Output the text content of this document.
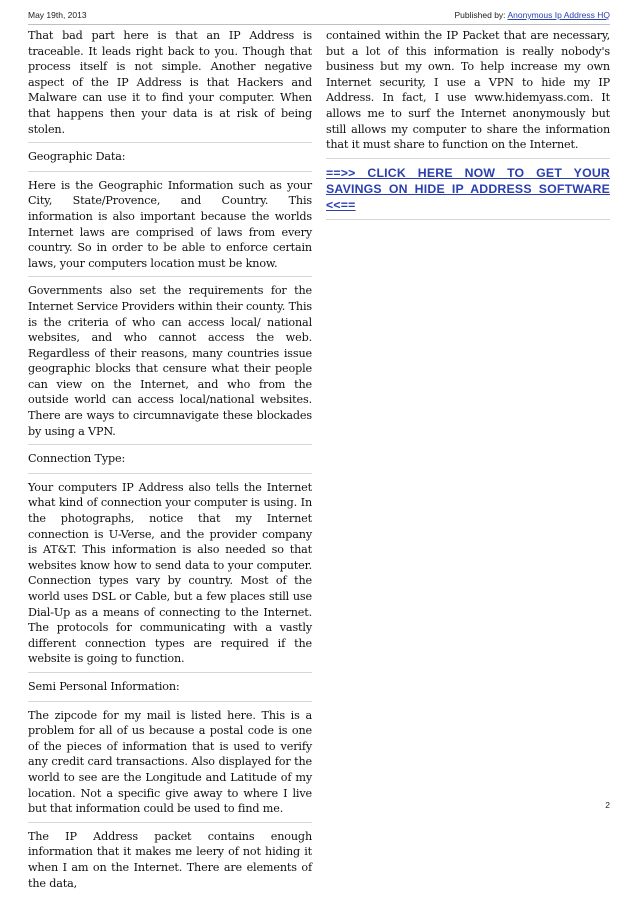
May 19th, 2013	Published by: Anonymous Ip Address HQ

That bad part here is that an IP Address is traceable. It leads right back to you. Though that process itself is not simple. Another negative aspect of the IP Address is that Hackers and Malware can use it to find your computer. When that happens then your data is at risk of being stolen.

Geographic Data:

Here is the Geographic Information such as your City, State/Provence, and Country. This information is also important because the worlds Internet laws are comprised of laws from every country. So in order to be able to enforce certain laws, your computers location must be know.

Governments also set the requirements for the Internet Service Providers within their county. This is the criteria of who can access local/ national websites, and who cannot access the web. Regardless of their reasons, many countries issue geographic blocks that censure what their people can view on the Internet, and who from the outside world can access local/national websites. There are ways to circumnavigate these blockades by using a VPN.

Connection Type:

Your computers IP Address also tells the Internet what kind of connection your computer is using. In the photographs, notice that my Internet connection is U-Verse, and the provider company is AT&T. This information is also needed so that websites know how to send data to your computer. Connection types vary by country. Most of the world uses DSL or Cable, but a few places still use Dial-Up as a means of connecting to the Internet. The protocols for communicating with a vastly different connection types are required if the website is going to function.

Semi Personal Information:

The zipcode for my mail is listed here. This is a problem for all of us because a postal code is one of the pieces of information that is used to verify any credit card transactions. Also displayed for the world to see are the Longitude and Latitude of my location. Not a specific give away to where I live but that information could be used to find me.

The IP Address packet contains enough information that it makes me leery of not hiding it when I am on the Internet. There are elements of the data,

contained within the IP Packet that are necessary, but a lot of this information is really nobody's business but my own. To help increase my own Internet security, I use a VPN to hide my IP Address. In fact, I use www.hidemyass.com. It allows me to surf the Internet anonymously but still allows my computer to share the information that it must share to function on the Internet.

==>> CLICK HERE NOW TO GET YOUR SAVINGS ON HIDE IP ADDRESS SOFTWARE <<==
2
